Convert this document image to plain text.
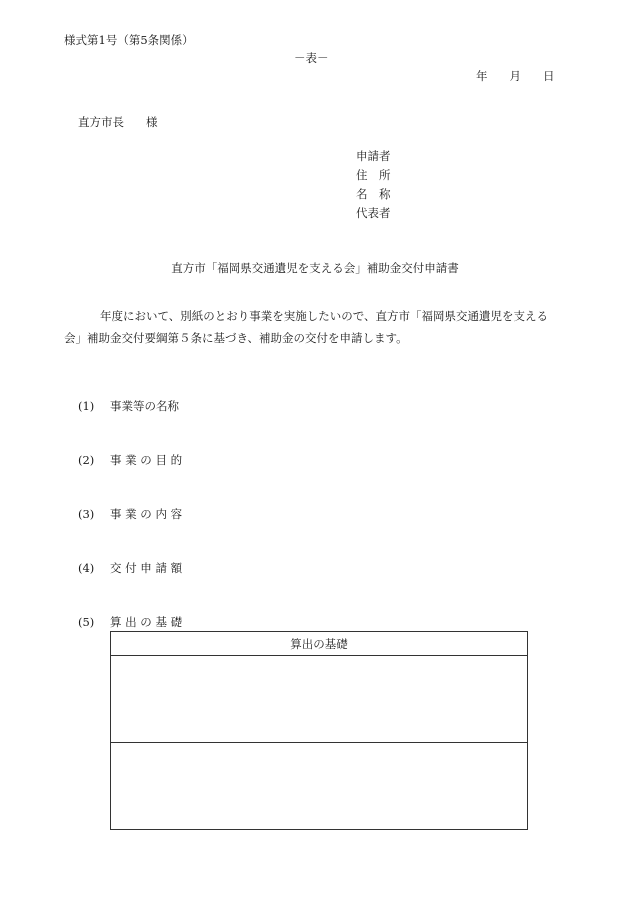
様式第1号（第5条関係）
－表－
年 月 日
直方市長 様
申請者
住　所
名　称
代表者
直方市「福岡県交通遺児を支える会」補助金交付申請書
年度において、別紙のとおり事業を実施したいので、直方市「福岡県交通遺児を支える会」補助金交付要綱第５条に基づき、補助金の交付を申請します。
(1) 事業等の名称
(2) 事 業 の 目 的
(3) 事 業 の 内 容
(4) 交 付 申 請 額
(5) 算 出 の 基 礎
算出の基礎
